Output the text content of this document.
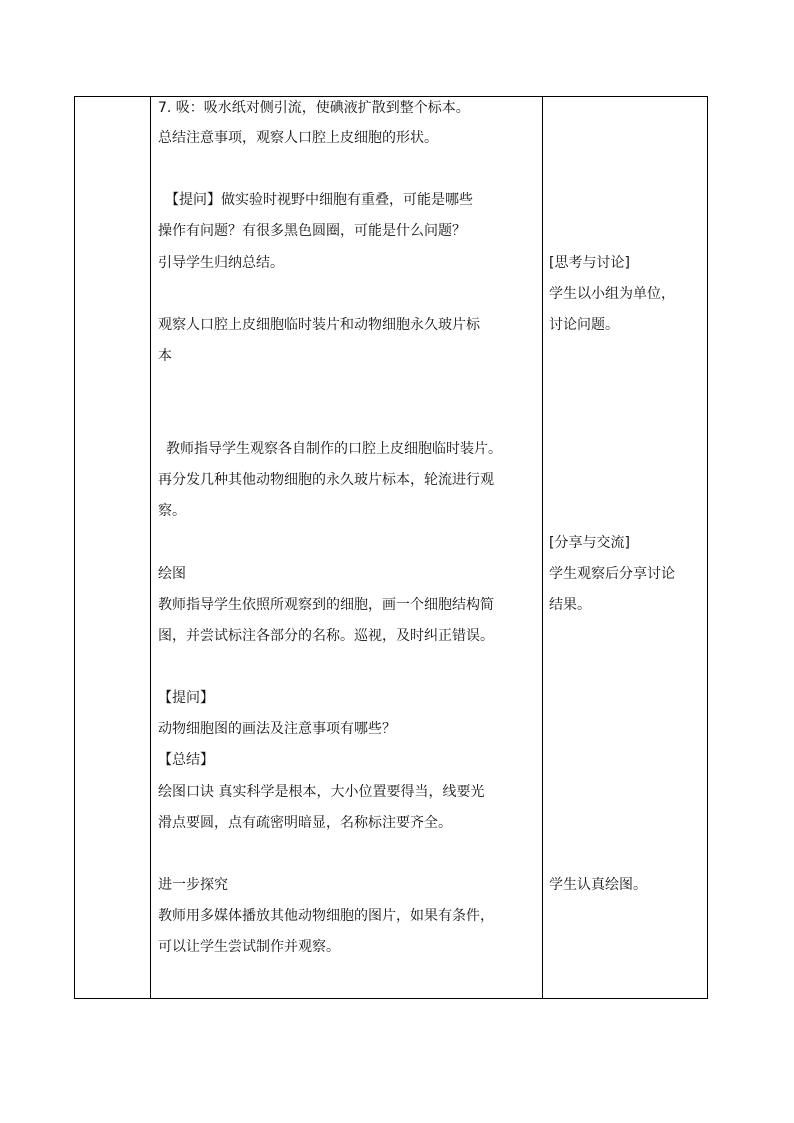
7. 吸：吸水纸对侧引流，使碘液扩散到整个标本。
总结注意事项，观察人口腔上皮细胞的形状。
　【提问】做实验时视野中细胞有重叠，可能是哪些
操作有问题？有很多黑色圆圈，可能是什么问题？
引导学生归纳总结。
观察人口腔上皮细胞临时装片和动物细胞永久玻片标
本
教师指导学生观察各自制作的口腔上皮细胞临时装片。
再分发几种其他动物细胞的永久玻片标本，轮流进行观
察。
绘图
教师指导学生依照所观察到的细胞，画一个细胞结构简
图，并尝试标注各部分的名称。巡视，及时纠正错误。
【提问】
动物细胞图的画法及注意事项有哪些？
【总结】
绘图口诀 真实科学是根本，大小位置要得当，线要光
滑点要圆，点有疏密明暗显，名称标注要齐全。
进一步探究
教师用多媒体播放其他动物细胞的图片，如果有条件，
可以让学生尝试制作并观察。
[思考与讨论]
学生以小组为单位，
讨论问题。
[分享与交流]
学生观察后分享讨论
结果。
学生认真绘图。
